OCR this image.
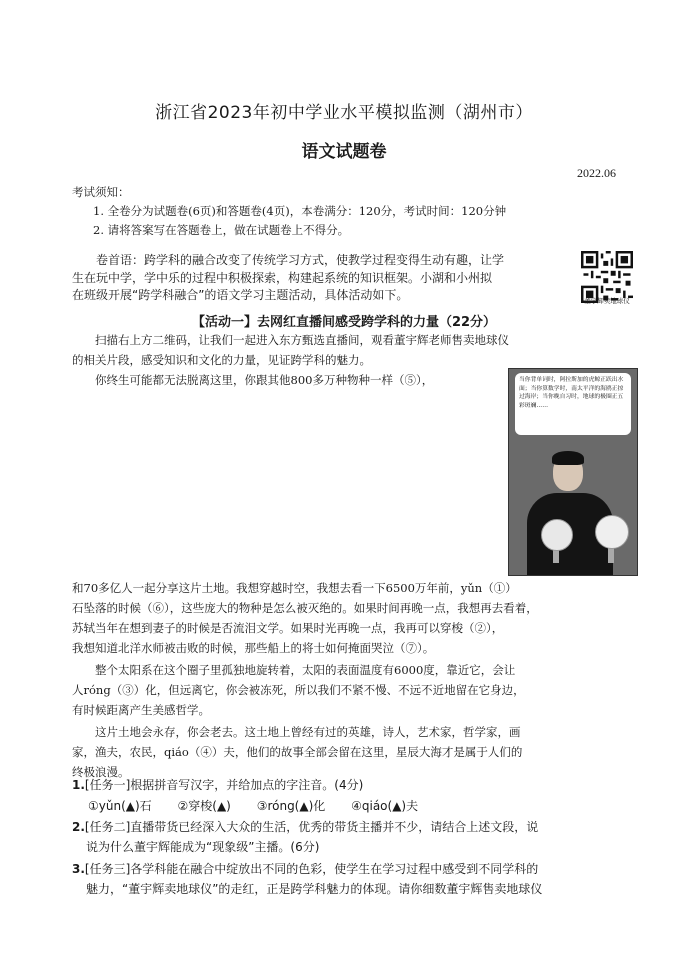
浙江省2023年初中学业水平模拟监测（湖州市）
语文试题卷
2022.06
考试须知：
1. 全卷分为试题卷(6页)和答题卷(4页)，本卷满分：120分，考试时间：120分钟
2. 请将答案写在答题卷上，做在试题卷上不得分。

卷首语：跨学科的融合改变了传统学习方式，使教学过程变得生动有趣，让学

生在玩中学，学中乐的过程中积极探索，构建起系统的知识框架。小湖和小州拟

在班级开展“跨学科融合”的语文学习主题活动，具体活动如下。	董宇辉卖地球仪
【活动一】去网红直播间感受跨学科的力量（22分）
扫描右上方二维码，让我们一起进入东方甄选直播间，观看董宇辉老师售卖地球仪
的相关片段，感受知识和文化的力量，见证跨学科的魅力。
你终生可能都无法脱离这里，你跟其他800多万种物种一样（⑤），	当你背单词时，阿拉斯加的虎鲸正跃出水面；当你算数学时，南太平洋的海鸥正掠过海岸；当你晚自习时，地球的极圈正五彩斑斓……
和70多亿人一起分享这片土地。我想穿越时空，我想去看一下6500万年前，yǔn（①）
石坠落的时候（⑥），这些庞大的物种是怎么被灭绝的。如果时间再晚一点，我想再去看着，
苏轼当年在想到妻子的时候是否流泪文学。如果时光再晚一点，我再可以穿梭（②），
我想知道北洋水师被击败的时候，那些船上的将士如何掩面哭泣（⑦）。
整个太阳系在这个圈子里孤独地旋转着，太阳的表面温度有6000度，靠近它，会让
人róng（③）化，但远离它，你会被冻死，所以我们不紧不慢、不远不近地留在它身边，
有时候距离产生美感哲学。
这片土地会永存，你会老去。这土地上曾经有过的英雄，诗人，艺术家，哲学家，画
家，渔夫，农民，qiáo（④）夫，他们的故事全部会留在这里，星辰大海才是属于人们的
终极浪漫。
1.[任务一]根据拼音写汉字，并给加点的字注音。(4分)
①yǔn(▲)石 ②穿梭(▲) ③róng(▲)化 ④qiáo(▲)夫
2.[任务二]直播带货已经深入大众的生活，优秀的带货主播并不少，请结合上述文段，说
说为什么董宇辉能成为“现象级”主播。(6分)
3.[任务三]各学科能在融合中绽放出不同的色彩，使学生在学习过程中感受到不同学科的
魅力，“董宇辉卖地球仪”的走红，正是跨学科魅力的体现。请你细数董宇辉售卖地球仪
